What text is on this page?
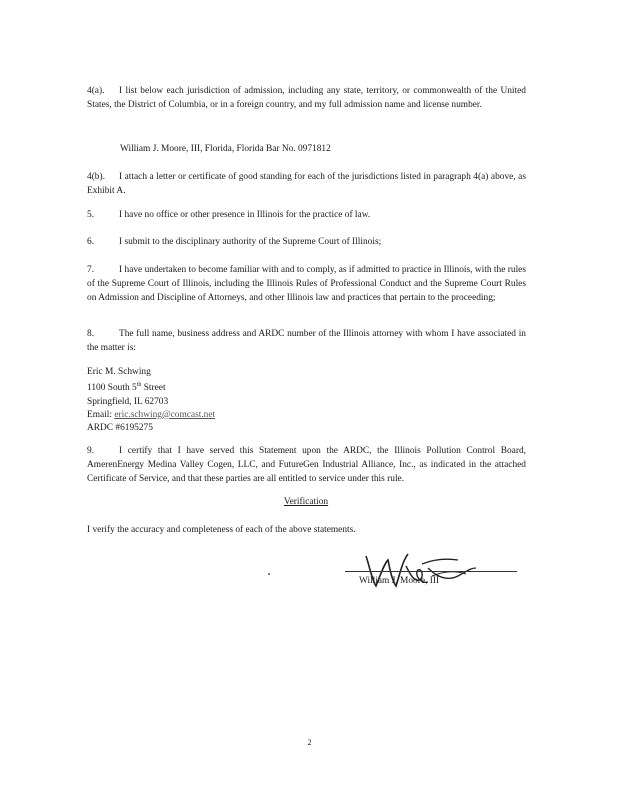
4(a). I list below each jurisdiction of admission, including any state, territory, or commonwealth of the United States, the District of Columbia, or in a foreign country, and my full admission name and license number.

William J. Moore, III, Florida, Florida Bar No. 0971812

4(b). I attach a letter or certificate of good standing for each of the jurisdictions listed in paragraph 4(a) above, as Exhibit A.

5.	I have no office or other presence in Illinois for the practice of law.

6.	I submit to the disciplinary authority of the Supreme Court of Illinois;

7.	I have undertaken to become familiar with and to comply, as if admitted to practice in Illinois, with the rules of the Supreme Court of Illinois, including the Illinois Rules of Professional Conduct and the Supreme Court Rules on Admission and Discipline of Attorneys, and other Illinois law and practices that pertain to the proceeding;

8.	The full name, business address and ARDC number of the Illinois attorney with whom I have associated in the matter is:

Eric M. Schwing
1100 South 5th Street
Springfield, IL 62703
Email: eric.schwing@comcast.net
ARDC #6195275

9.	I certify that I have served this Statement upon the ARDC, the Illinois Pollution Control Board, AmerenEnergy Medina Valley Cogen, LLC, and FutureGen Industrial Alliance, Inc., as indicated in the attached Certificate of Service, and that these parties are all entitled to service under this rule.

Verification

I verify the accuracy and completeness of each of the above statements.

William J. Moore, III

2
